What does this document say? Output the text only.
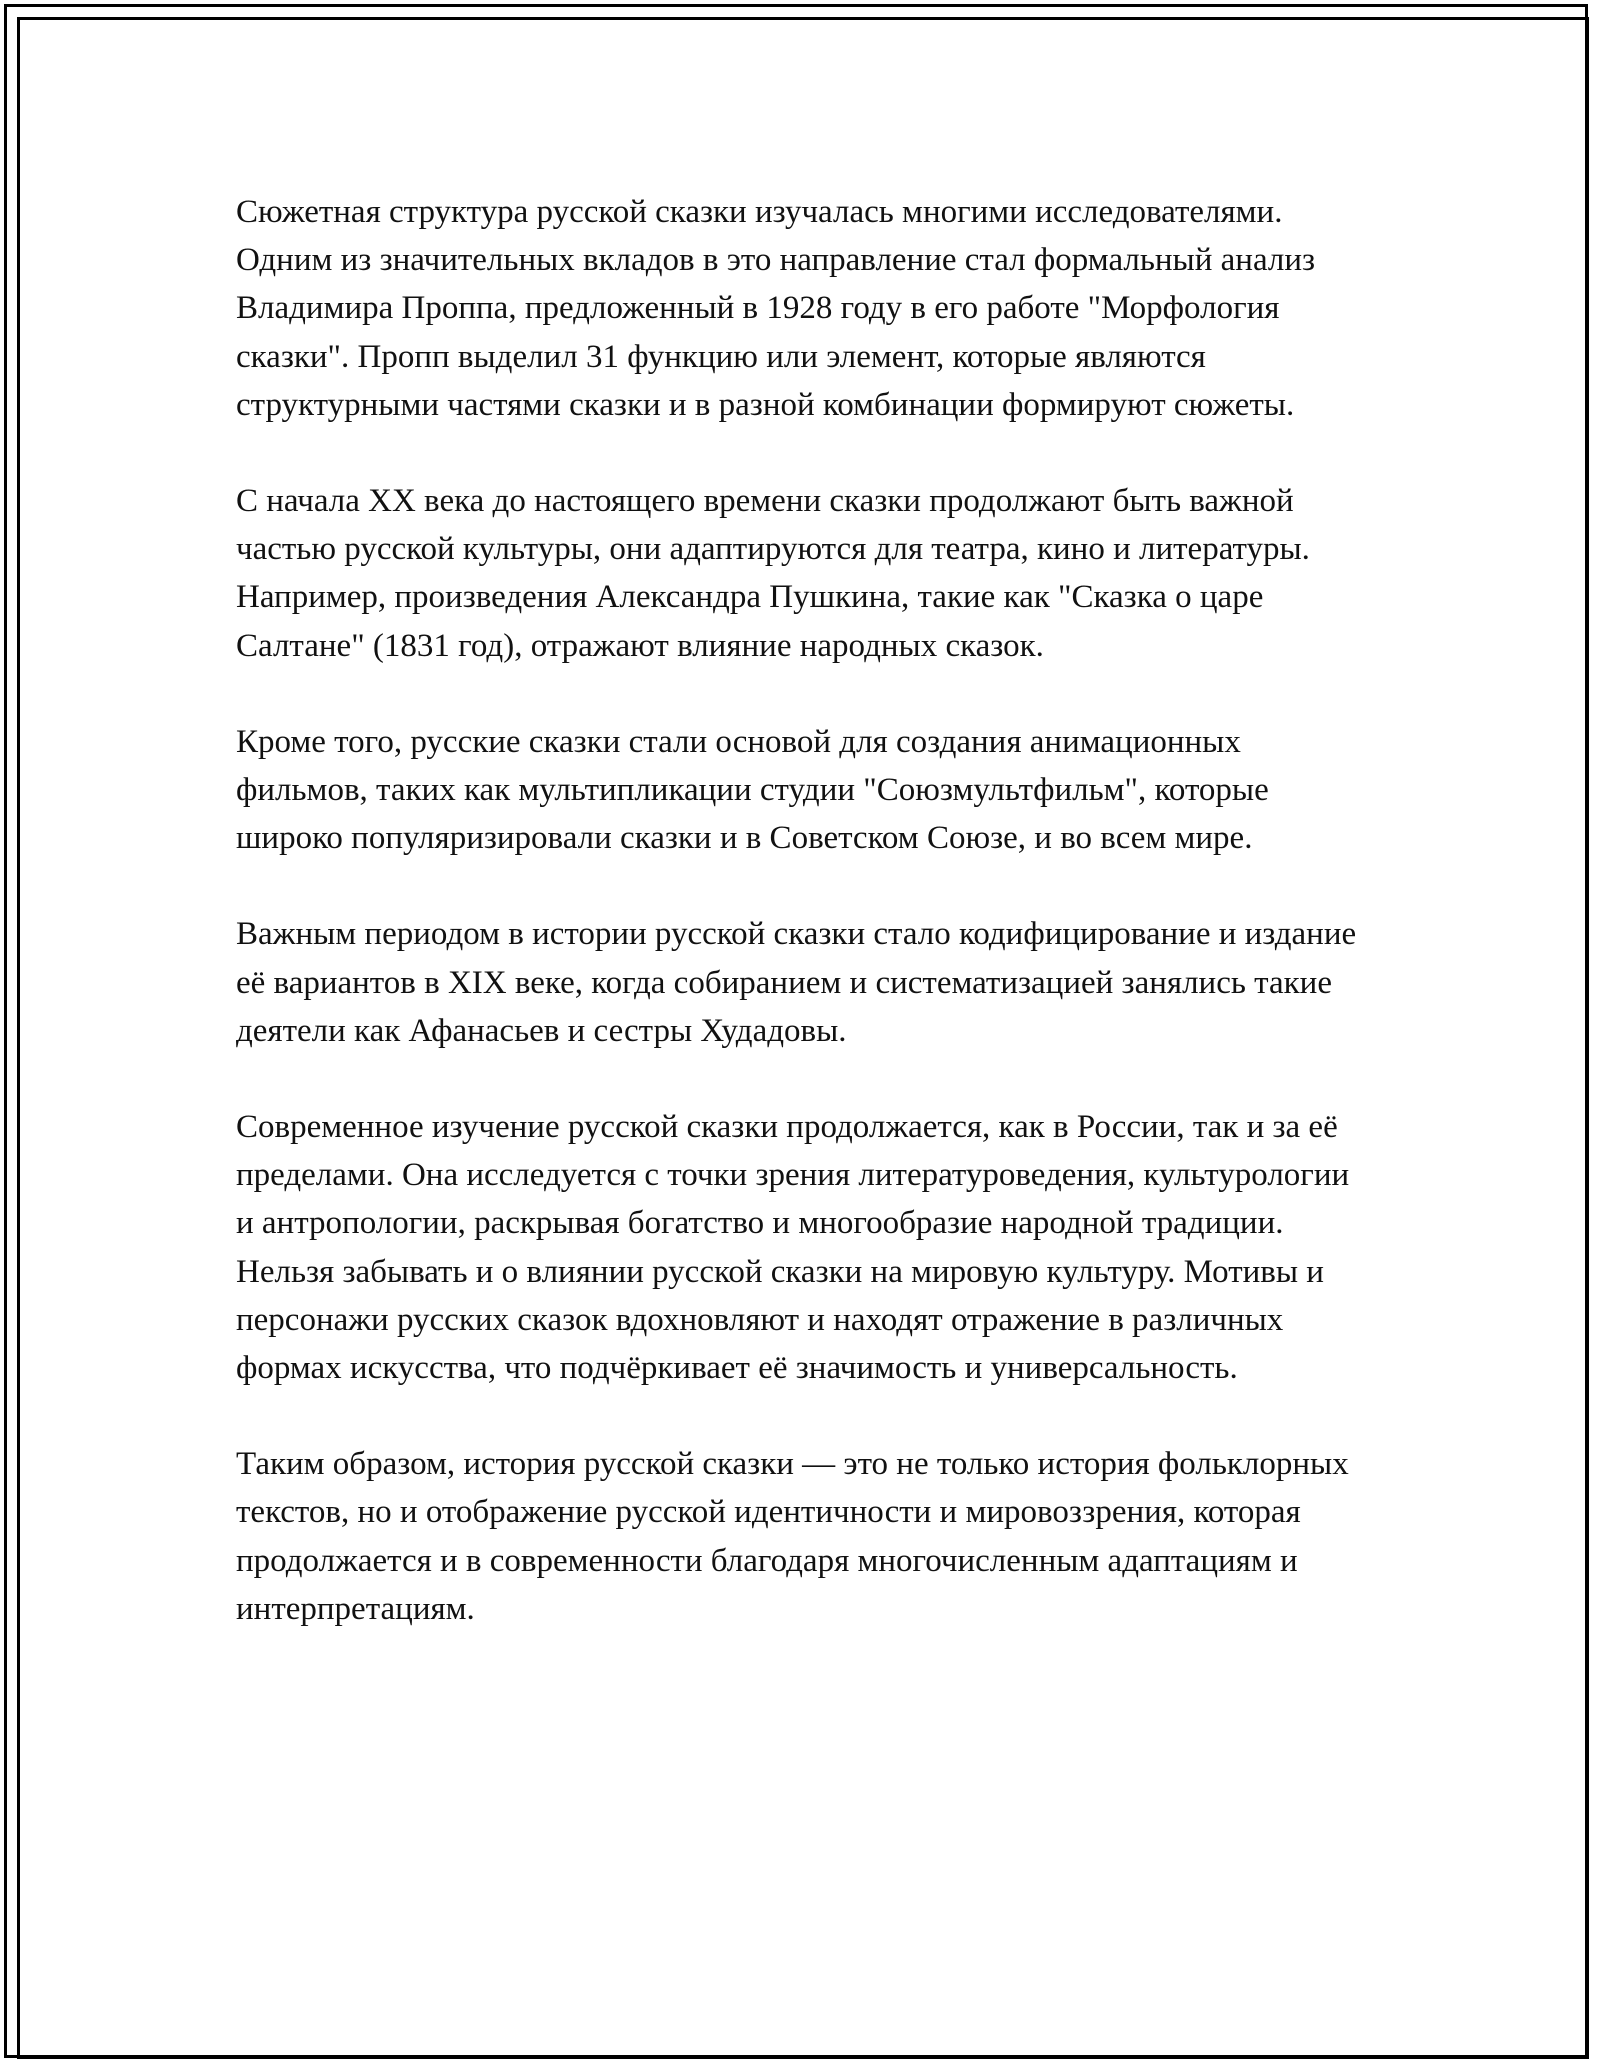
Сюжетная структура русской сказки изучалась многими исследователями. Одним из значительных вкладов в это направление стал формальный анализ Владимира Проппа, предложенный в 1928 году в его работе "Морфология сказки". Пропп выделил 31 функцию или элемент, которые являются структурными частями сказки и в разной комбинации формируют сюжеты.

С начала XX века до настоящего времени сказки продолжают быть важной частью русской культуры, они адаптируются для театра, кино и литературы. Например, произведения Александра Пушкина, такие как "Сказка о царе Салтане" (1831 год), отражают влияние народных сказок.

Кроме того, русские сказки стали основой для создания анимационных фильмов, таких как мультипликации студии "Союзмультфильм", которые широко популяризировали сказки и в Советском Союзе, и во всем мире.

Важным периодом в истории русской сказки стало кодифицирование и издание её вариантов в XIX веке, когда собиранием и систематизацией занялись такие деятели как Афанасьев и сестры Худадовы.

Современное изучение русской сказки продолжается, как в России, так и за её пределами. Она исследуется с точки зрения литературоведения, культурологии и антропологии, раскрывая богатство и многообразие народной традиции. Нельзя забывать и о влиянии русской сказки на мировую культуру. Мотивы и персонажи русских сказок вдохновляют и находят отражение в различных формах искусства, что подчёркивает её значимость и универсальность.

Таким образом, история русской сказки — это не только история фольклорных текстов, но и отображение русской идентичности и мировоззрения, которая продолжается и в современности благодаря многочисленным адаптациям и интерпретациям.
